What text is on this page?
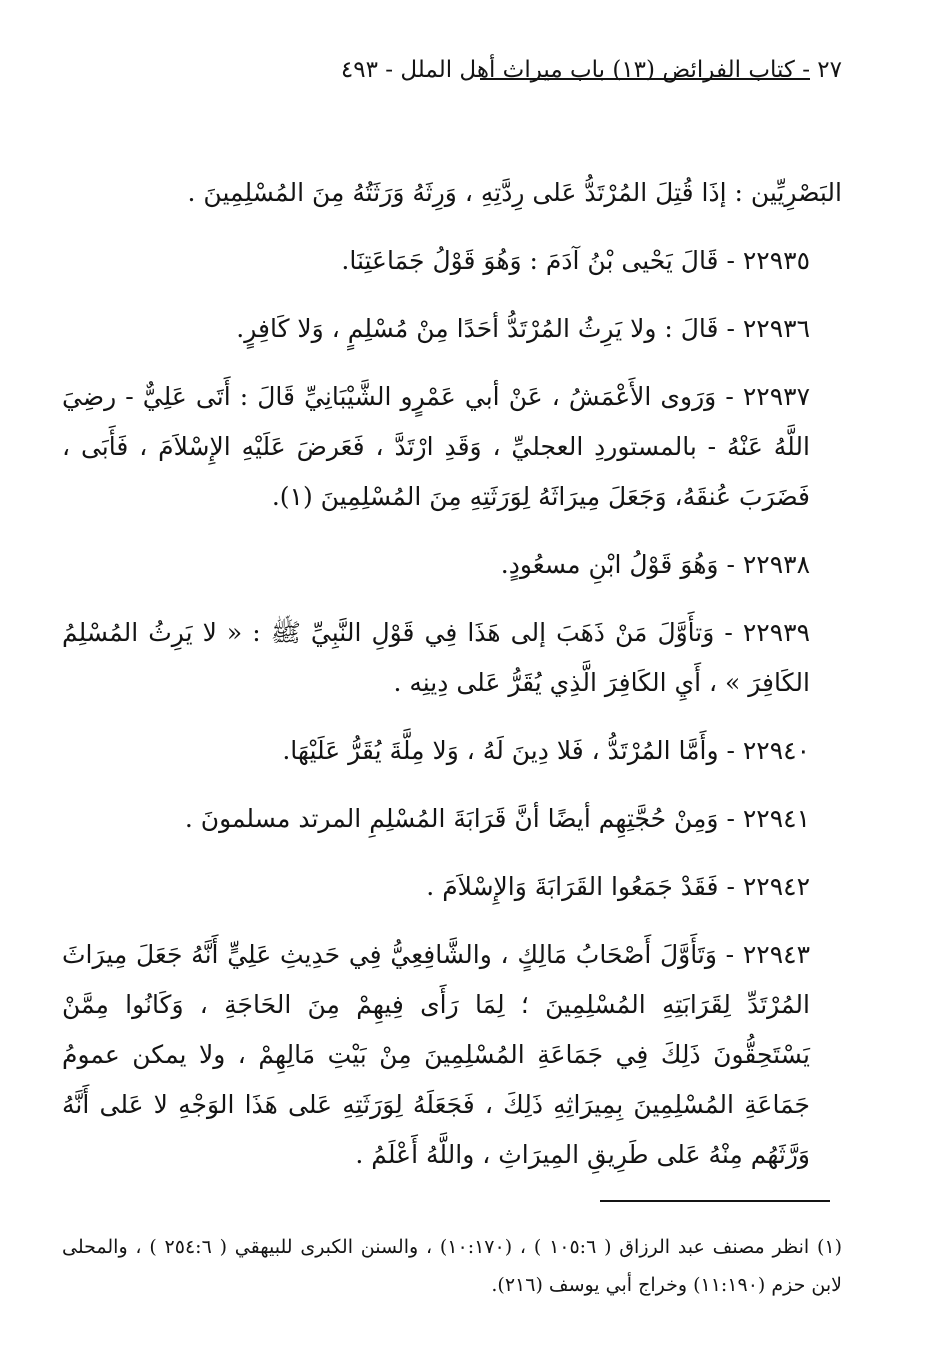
٢٧ - كتاب الفرائض (١٣) باب ميراث أهل الملل - ٤٩٣

البَصْرِيِّين : إذَا قُتِلَ المُرْتَدُّ عَلى رِدَّتِهِ ، وَرِثَهُ وَرَثَتُهُ مِنَ المُسْلِمِينَ .

٢٢٩٣٥ - قَالَ يَحْيى بْنُ آدَمَ : وَهُوَ قَوْلُ جَمَاعَتِنَا.

٢٢٩٣٦ - قَالَ : ولا يَرِثُ المُرْتَدُّ أحَدًا مِنْ مُسْلِمٍ ، وَلا كَافِرٍ.

٢٢٩٣٧ - وَرَوى الأَعْمَشُ ، عَنْ أبي عَمْرٍو الشَّيْبَانِيِّ قَالَ : أَتَى عَلِيٌّ - رضِيَ اللَّهُ عَنْهُ - بالمستوردِ العجليِّ ، وَقَدِ ارْتَدَّ ، فَعَرضَ عَلَيْهِ الإِسْلاَمَ ، فَأَبَى ، فَضَرَبَ عُنقَهُ، وَجَعَلَ مِيرَاثَهُ لِوَرَثَتِهِ مِنَ المُسْلِمِينَ (١).

٢٢٩٣٨ - وَهُوَ قَوْلُ ابْنِ مسعُودٍ.

٢٢٩٣٩ - وَتأَوَّلَ مَنْ ذَهَبَ إلى هَذَا فِي قَوْلِ النَّبِيِّ ﷺ : « لا يَرِثُ المُسْلِمُ الكَافِرَ » ، أَيِ الكَافِرَ الَّذِي يُقَرُّ عَلى دِينِه .

٢٢٩٤٠ - وأَمَّا المُرْتَدُّ ، فَلا دِينَ لَهُ ، وَلا مِلَّةَ يُقَرُّ عَلَيْهَا.

٢٢٩٤١ - وَمِنْ حُجَّتِهِم أيضًا أنَّ قَرَابَةَ المُسْلِمِ المرتد مسلمونَ .

٢٢٩٤٢ - فَقَدْ جَمَعُوا القَرَابَةَ وَالإِسْلاَمَ .

٢٢٩٤٣ - وَتَأَوَّلَ أَصْحَابُ مَالِكٍ ، والشَّافِعِيُّ فِي حَدِيثِ عَلِيٍّ أَنَّهُ جَعَلَ مِيرَاثَ المُرْتَدِّ لِقَرَابَتِهِ المُسْلِمِينَ ؛ لِمَا رَأَى فِيهِمْ مِنَ الحَاجَةِ ، وَكَانُوا مِمَّنْ يَسْتَحِقُّونَ ذَلِكَ فِي جَمَاعَةِ المُسْلِمِينَ مِنْ بَيْتِ مَالِهِمْ ، ولا يمكن عمومُ جَمَاعَةِ المُسْلِمِينَ بِمِيرَاثِهِ ذَلِكَ ، فَجَعَلَهُ لِوَرَثَتِهِ عَلى هَذَا الوَجْهِ لا عَلى أَنَّهُ وَرَّثَهُم مِنْهُ عَلى طَرِيقِ المِيرَاثِ ، واللَّهُ أَعْلَمُ .

(١) انظر مصنف عبد الرزاق ( ١٠٥:٦ ) ، (١٠:١٧٠) ، والسنن الكبرى للبيهقي ( ٢٥٤:٦ ) ، والمحلى لابن حزم (١١:١٩٠) وخراج أبي يوسف (٢١٦).
